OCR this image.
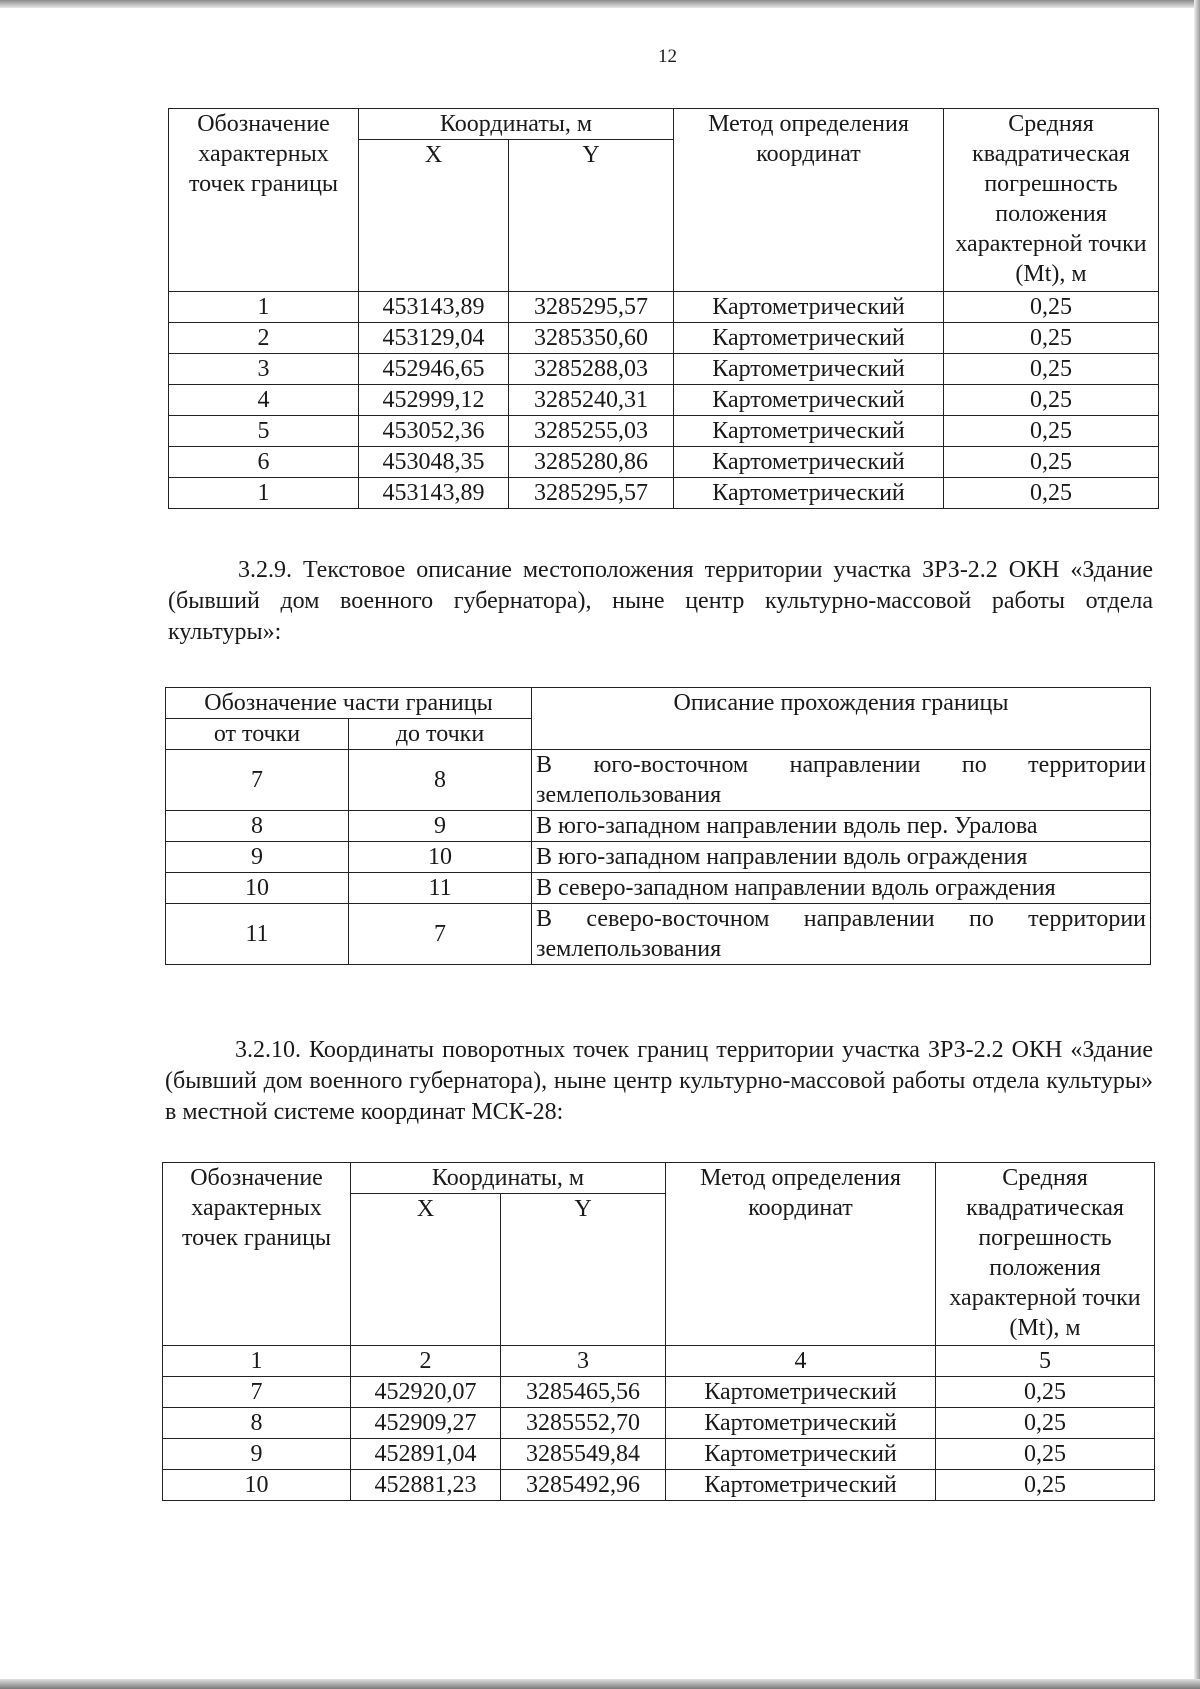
12
Обозначение характерных точек границы	Координаты, м		Метод определения координат	Средняя квадратическая погрешность положения характерной точки (Mt), м
	X	Y		
1	453143,89	3285295,57	Картометрический	0,25
2	453129,04	3285350,60	Картометрический	0,25
3	452946,65	3285288,03	Картометрический	0,25
4	452999,12	3285240,31	Картометрический	0,25
5	453052,36	3285255,03	Картометрический	0,25
6	453048,35	3285280,86	Картометрический	0,25
1	453143,89	3285295,57	Картометрический	0,25
3.2.9. Текстовое описание местоположения территории участка ЗРЗ-2.2 ОКН «Здание (бывший дом военного губернатора), ныне центр культурно-массовой работы отдела культуры»:
Обозначение части границы		Описание прохождения границы
от точки	до точки	
7	8	В юго-восточном направлении по территории землепользования
8	9	В юго-западном направлении вдоль пер. Уралова
9	10	В юго-западном направлении вдоль ограждения
10	11	В северо-западном направлении вдоль ограждения
11	7	В северо-восточном направлении по территории землепользования
3.2.10. Координаты поворотных точек границ территории участка ЗРЗ-2.2 ОКН «Здание (бывший дом военного губернатора), ныне центр культурно-массовой работы отдела культуры» в местной системе координат МСК-28:
Обозначение характерных точек границы	Координаты, м		Метод определения координат	Средняя квадратическая погрешность положения характерной точки (Mt), м
	X	Y		
1	2	3	4	5
7	452920,07	3285465,56	Картометрический	0,25
8	452909,27	3285552,70	Картометрический	0,25
9	452891,04	3285549,84	Картометрический	0,25
10	452881,23	3285492,96	Картометрический	0,25
